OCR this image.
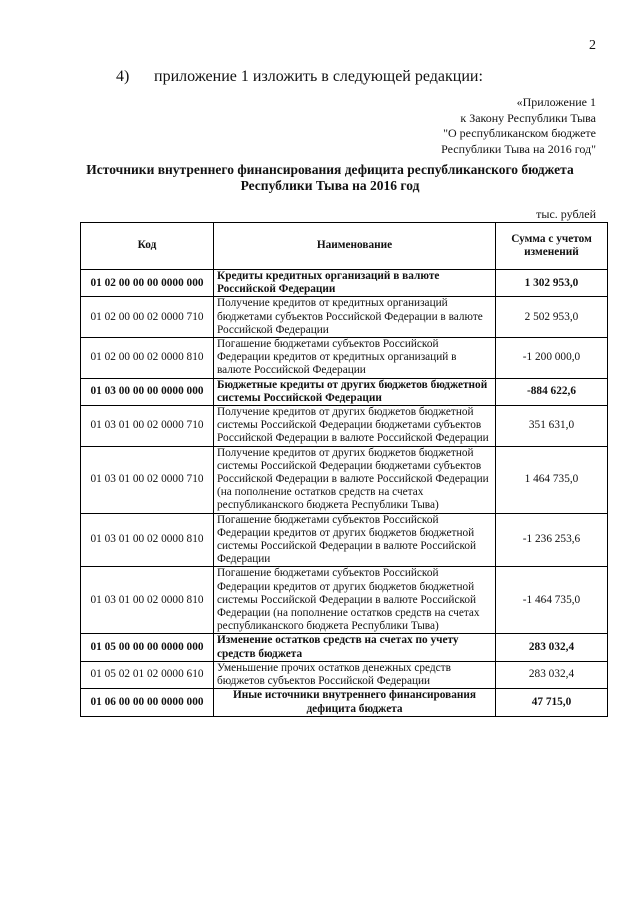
2
4) приложение 1 изложить в следующей редакции:
«Приложение 1
к Закону Республики Тыва
"О республиканском бюджете
Республики Тыва на 2016 год"
Источники внутреннего финансирования дефицита республиканского бюджета
Республики Тыва на 2016 год
тыс. рублей
Код	Наименование	Сумма с учетом изменений
01 02 00 00 00 0000 000	Кредиты кредитных организаций в валюте Российской Федерации	1 302 953,0
01 02 00 00 02 0000 710	Получение кредитов от кредитных организаций бюджетами субъектов Российской Федерации в валюте Российской Федерации	2 502 953,0
01 02 00 00 02 0000 810	Погашение бюджетами субъектов Российской Федерации кредитов от кредитных организаций в валюте Российской Федерации	-1 200 000,0
01 03 00 00 00 0000 000	Бюджетные кредиты от других бюджетов бюджетной системы Российской Федерации	-884 622,6
01 03 01 00 02 0000 710	Получение кредитов от других бюджетов бюджетной системы Российской Федерации бюджетами субъектов Российской Федерации в валюте Российской Федерации	351 631,0
01 03 01 00 02 0000 710	Получение кредитов от других бюджетов бюджетной системы Российской Федерации бюджетами субъектов Российской Федерации в валюте Российской Федерации (на пополнение остатков средств на счетах республиканского бюджета Республики Тыва)	1 464 735,0
01 03 01 00 02 0000 810	Погашение бюджетами субъектов Российской Федерации кредитов от других бюджетов бюджетной системы Российской Федерации в валюте Российской Федерации	-1 236 253,6
01 03 01 00 02 0000 810	Погашение бюджетами субъектов Российской Федерации кредитов от других бюджетов бюджетной системы Российской Федерации в валюте Российской Федерации (на пополнение остатков средств на счетах республиканского бюджета Республики Тыва)	-1 464 735,0
01 05 00 00 00 0000 000	Изменение остатков средств на счетах по учету средств бюджета	283 032,4
01 05 02 01 02 0000 610	Уменьшение прочих остатков денежных средств бюджетов субъектов Российской Федерации	283 032,4
01 06 00 00 00 0000 000	Иные источники внутреннего финансирования дефицита бюджета	47 715,0
